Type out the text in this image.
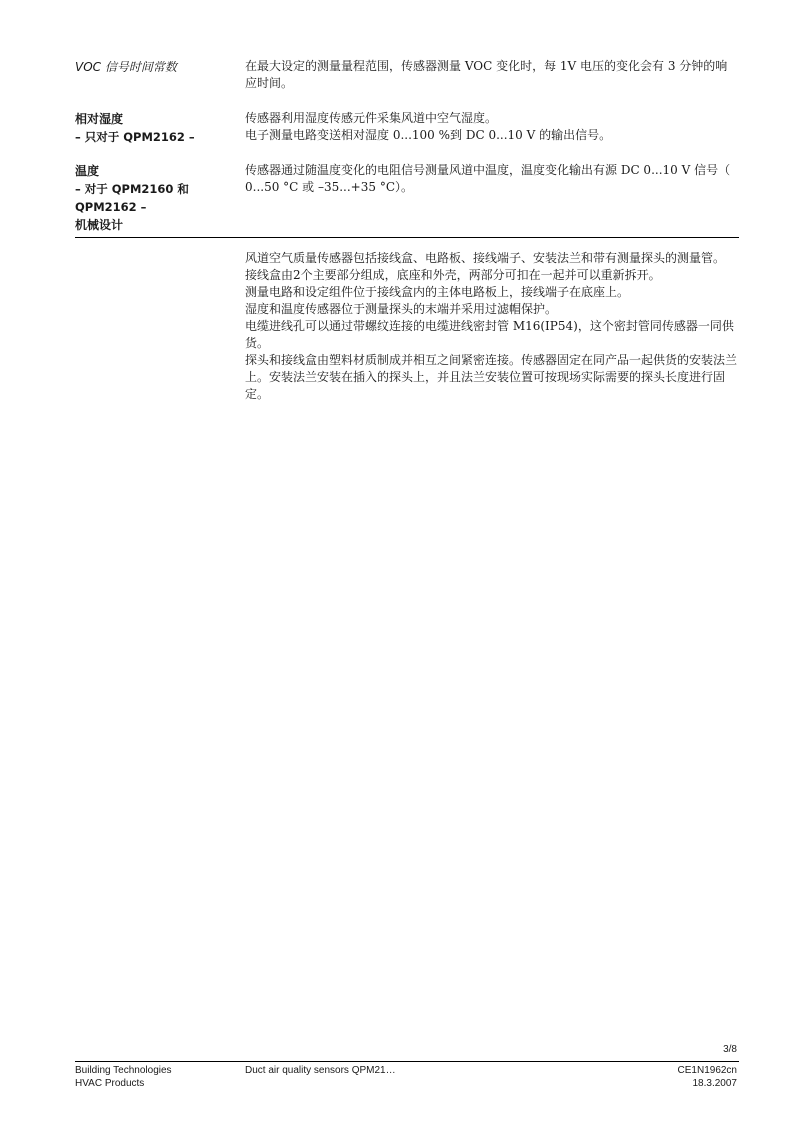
VOC 信号时间常数	在最大设定的测量量程范围，传感器测量 VOC 变化时，每 1V 电压的变化会有 3 分钟的响应时间。

相对湿度
– 只对于 QPM2162 –

传感器利用湿度传感元件采集风道中空气湿度。

电子测量电路变送相对湿度 0...100 %到 DC 0...10 V 的输出信号。

温度
– 对于 QPM2160 和
QPM2162 –
机械设计

传感器通过随温度变化的电阻信号测量风道中温度，温度变化输出有源 DC 0...10 V 信号（ 0...50 °C 或 –35...+35 °C）。

风道空气质量传感器包括接线盒、电路板、接线端子、安装法兰和带有测量探头的测量管。

接线盒由2个主要部分组成，底座和外壳，两部分可扣在一起并可以重新拆开。

测量电路和设定组件位于接线盒内的主体电路板上，接线端子在底座上。

湿度和温度传感器位于测量探头的末端并采用过滤帽保护。

电缆进线孔可以通过带螺纹连接的电缆进线密封管 M16(IP54)，这个密封管同传感器一同供货。

探头和接线盒由塑料材质制成并相互之间紧密连接。传感器固定在同产品一起供货的安装法兰上。安装法兰安装在插入的探头上，并且法兰安装位置可按现场实际需要的探头长度进行固定。

3/8
Building Technologies
HVAC Products
Duct air quality sensors QPM21…	CE1N1962cn
18.3.2007
